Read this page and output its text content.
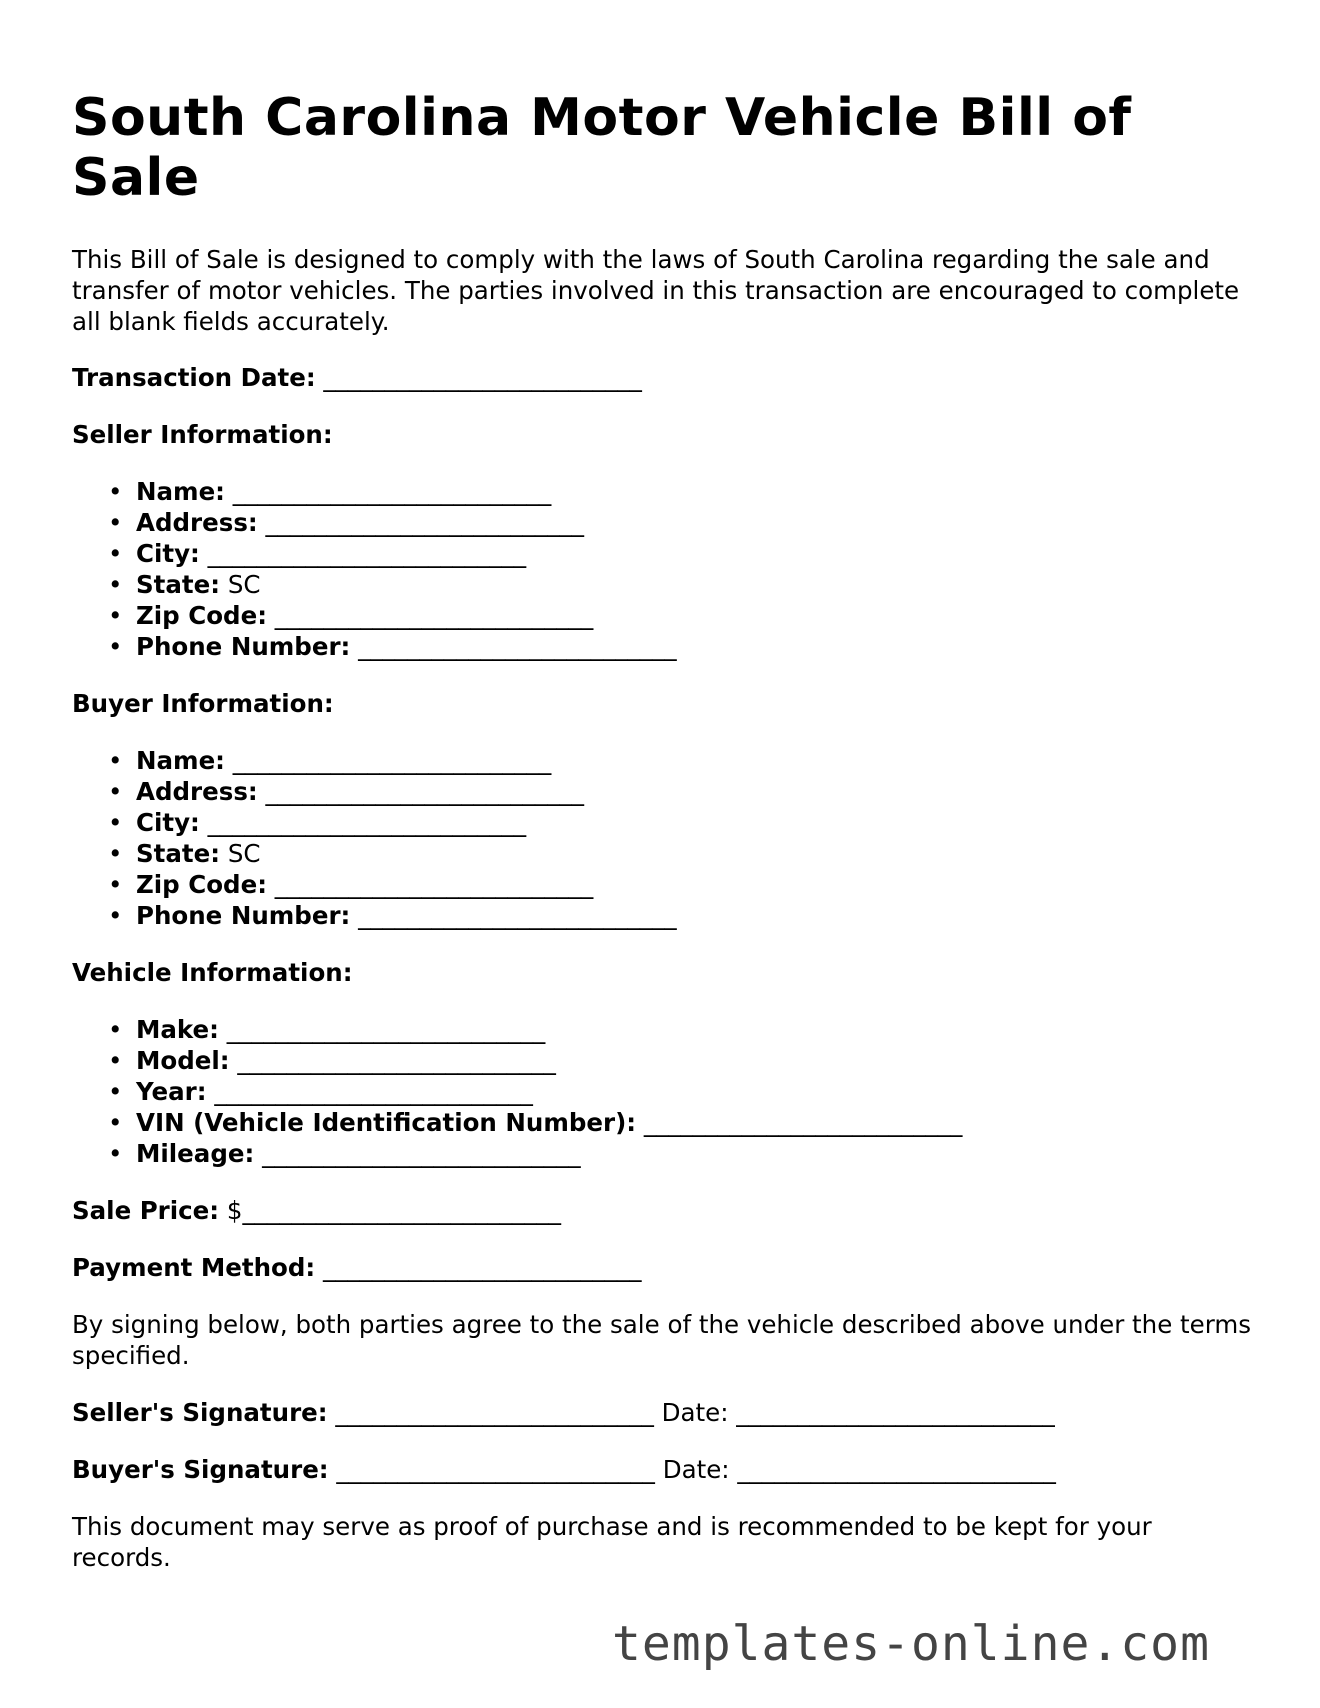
South Carolina Motor Vehicle Bill of Sale

This Bill of Sale is designed to comply with the laws of South Carolina regarding the sale and transfer of motor vehicles. The parties involved in this transaction are encouraged to complete all blank fields accurately.

Transaction Date: __________________________
Seller Information:
• Name: __________________________
• Address: __________________________
• City: __________________________
• State: SC
• Zip Code: __________________________
• Phone Number: __________________________
Buyer Information:
• Name: __________________________
• Address: __________________________
• City: __________________________
• State: SC
• Zip Code: __________________________
• Phone Number: __________________________
Vehicle Information:
• Make: __________________________
• Model: __________________________
• Year: __________________________
• VIN (Vehicle Identification Number): __________________________
• Mileage: __________________________
Sale Price: $__________________________
Payment Method: __________________________

By signing below, both parties agree to the sale of the vehicle described above under the terms specified.

Seller's Signature: __________________________ Date: __________________________
Buyer's Signature: __________________________ Date: __________________________

This document may serve as proof of purchase and is recommended to be kept for your records.

templates-online.com
